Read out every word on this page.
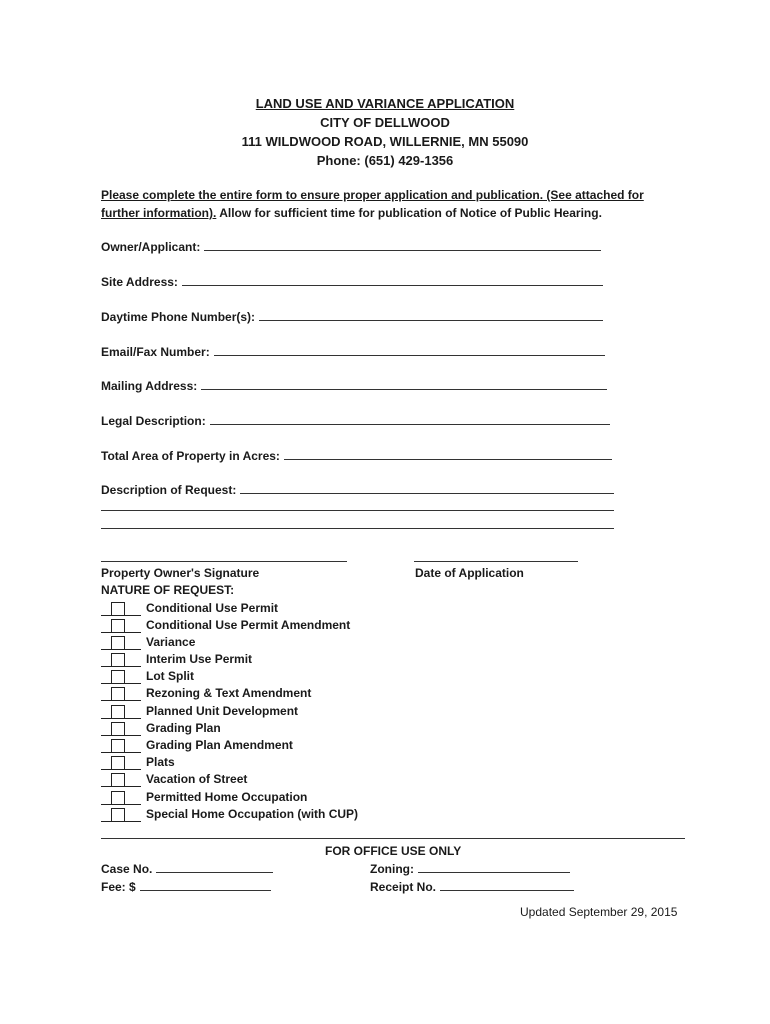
LAND USE AND VARIANCE APPLICATION
CITY OF DELLWOOD
111 WILDWOOD ROAD, WILLERNIE, MN 55090
Phone: (651) 429-1356
Please complete the entire form to ensure proper application and publication. (See attached for further information). Allow for sufficient time for publication of Notice of Public Hearing.
Owner/Applicant:
Site Address:
Daytime Phone Number(s):
Email/Fax Number:
Mailing Address:
Legal Description:
Total Area of Property in Acres:
Description of Request:
Property Owner's Signature	Date of Application
NATURE OF REQUEST:
Conditional Use Permit
Conditional Use Permit Amendment
Variance
Interim Use Permit
Lot Split
Rezoning & Text Amendment
Planned Unit Development
Grading Plan
Grading Plan Amendment
Plats
Vacation of Street
Permitted Home Occupation
Special Home Occupation (with CUP)
FOR OFFICE USE ONLY
Case No.
Fee: $
Zoning:
Receipt No.
Updated September 29, 2015
